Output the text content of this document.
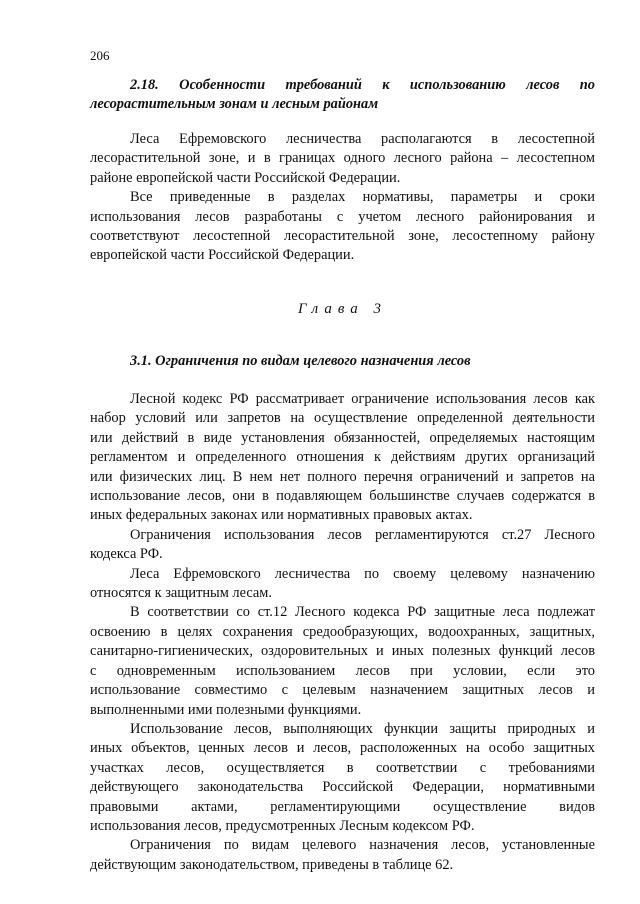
206
2.18. Особенности требований к использованию лесов по
лесорастительным зонам и лесным районам

Леса Ефремовского лесничества располагаются в лесостепной
лесорастительной зоне, и в границах одного лесного района – лесостепном
районе европейской части Российской Федерации.

Все приведенные в разделах нормативы, параметры и сроки
использования лесов разработаны с учетом лесного районирования и
соответствуют лесостепной лесорастительной зоне, лесостепному району
европейской части Российской Федерации.

Глава 3
3.1. Ограничения по видам целевого назначения лесов

Лесной кодекс РФ рассматривает ограничение использования лесов как
набор условий или запретов на осуществление определенной деятельности
или действий в виде установления обязанностей, определяемых настоящим
регламентом и определенного отношения к действиям других организаций
или физических лиц. В нем нет полного перечня ограничений и запретов на
использование лесов, они в подавляющем большинстве случаев содержатся в
иных федеральных законах или нормативных правовых актах.

Ограничения использования лесов регламентируются ст.27 Лесного
кодекса РФ.

Леса Ефремовского лесничества по своему целевому назначению
относятся к защитным лесам.

В соответствии со ст.12 Лесного кодекса РФ защитные леса подлежат
освоению в целях сохранения средообразующих, водоохранных, защитных,
санитарно-гигиенических, оздоровительных и иных полезных функций лесов
с одновременным использованием лесов при условии, если это
использование совместимо с целевым назначением защитных лесов и
выполненными ими полезными функциями.

Использование лесов, выполняющих функции защиты природных и
иных объектов, ценных лесов и лесов, расположенных на особо защитных
участках лесов, осуществляется в соответствии с требованиями
действующего законодательства Российской Федерации, нормативными
правовыми актами, регламентирующими осуществление видов
использования лесов, предусмотренных Лесным кодексом РФ.

Ограничения по видам целевого назначения лесов, установленные
действующим законодательством, приведены в таблице 62.
